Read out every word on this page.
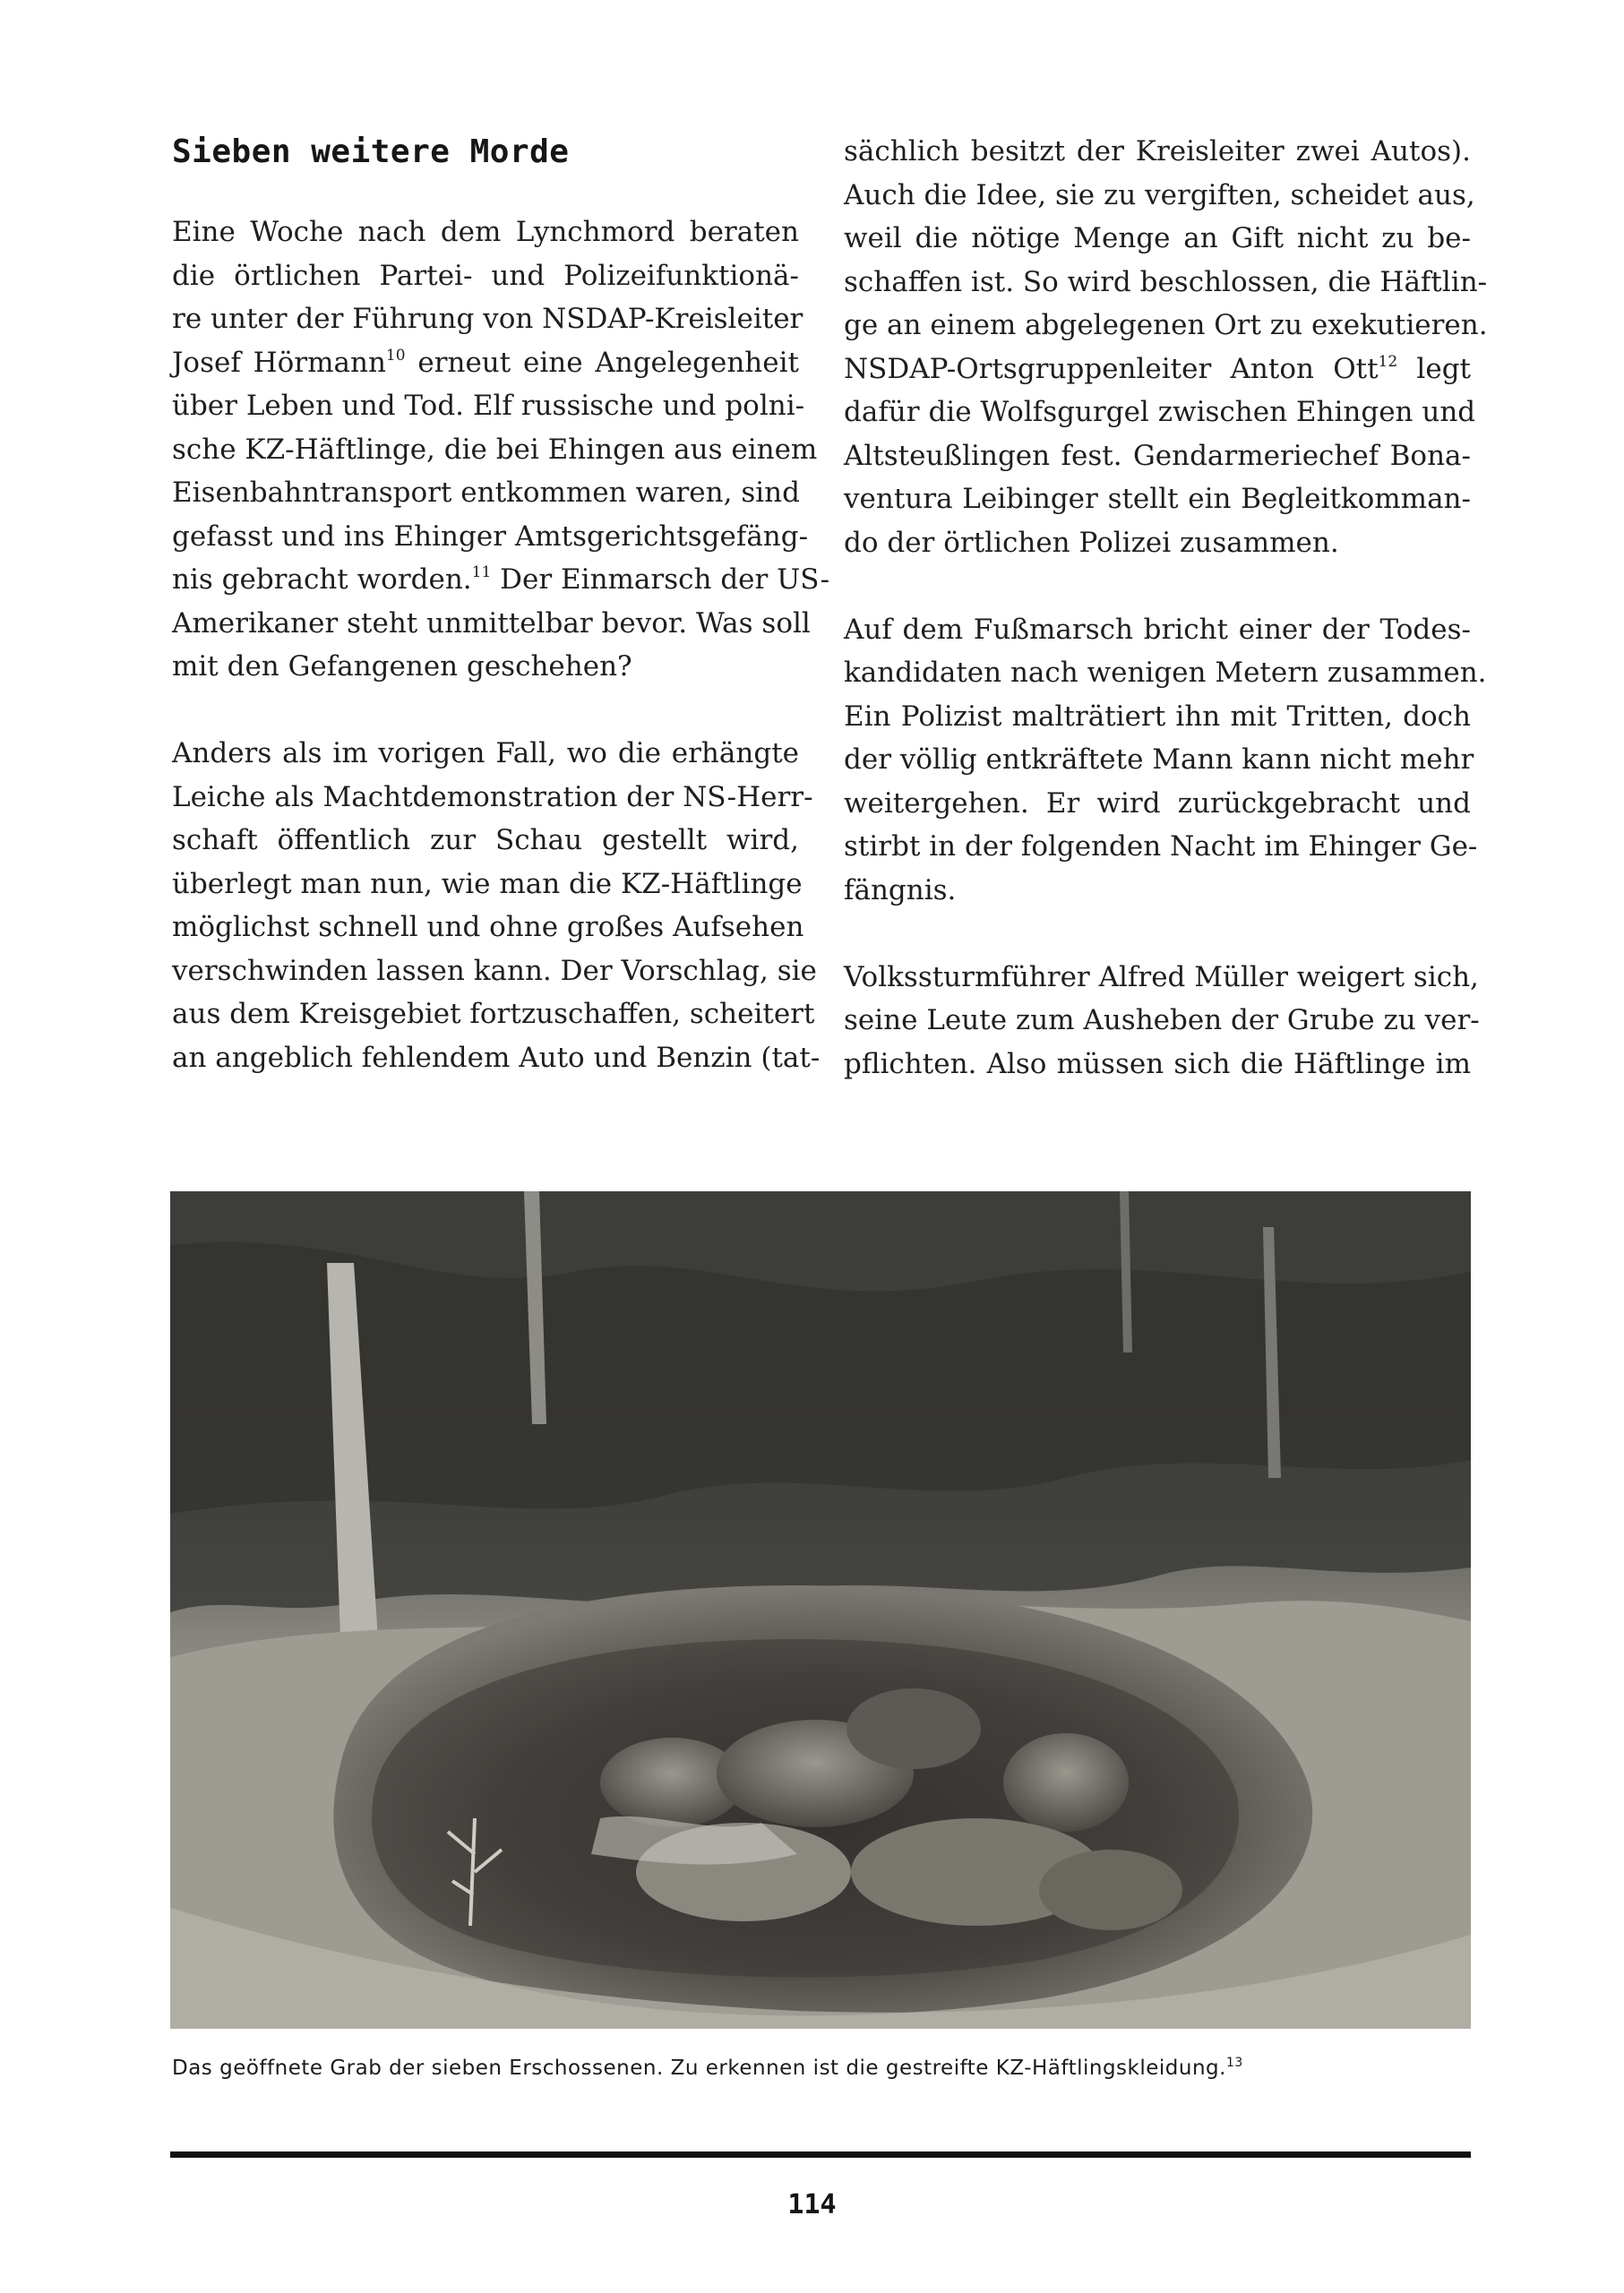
Sieben weitere Morde
Eine Woche nach dem Lynchmord beraten
die örtlichen Partei- und Polizeifunktionä-
re unter der Führung von NSDAP-Kreisleiter
Josef Hörmann$^{10}$ erneut eine Angelegenheit
über Leben und Tod. Elf russische und polni-
sche KZ-Häftlinge, die bei Ehingen aus einem
Eisenbahntransport entkommen waren, sind
gefasst und ins Ehinger Amtsgerichtsgefäng-
nis gebracht worden.$^{11}$ Der Einmarsch der US-
Amerikaner steht unmittelbar bevor. Was soll
mit den Gefangenen geschehen?
Anders als im vorigen Fall, wo die erhängte
Leiche als Machtdemonstration der NS-Herr-
schaft öffentlich zur Schau gestellt wird,
überlegt man nun, wie man die KZ-Häftlinge
möglichst schnell und ohne großes Aufsehen
verschwinden lassen kann. Der Vorschlag, sie
aus dem Kreisgebiet fortzuschaffen, scheitert
an angeblich fehlendem Auto und Benzin (tat-
sächlich besitzt der Kreisleiter zwei Autos).
Auch die Idee, sie zu vergiften, scheidet aus,
weil die nötige Menge an Gift nicht zu be-
schaffen ist. So wird beschlossen, die Häftlin-
ge an einem abgelegenen Ort zu exekutieren.
NSDAP-Ortsgruppenleiter Anton Ott$^{12}$ legt
dafür die Wolfsgurgel zwischen Ehingen und
Altsteußlingen fest. Gendarmeriechef Bona-
ventura Leibinger stellt ein Begleitkomman-
do der örtlichen Polizei zusammen.
Auf dem Fußmarsch bricht einer der Todes-
kandidaten nach wenigen Metern zusammen.
Ein Polizist malträtiert ihn mit Tritten, doch
der völlig entkräftete Mann kann nicht mehr
weitergehen. Er wird zurückgebracht und
stirbt in der folgenden Nacht im Ehinger Ge-
fängnis.
Volkssturmführer Alfred Müller weigert sich,
seine Leute zum Ausheben der Grube zu ver-
pflichten. Also müssen sich die Häftlinge im
Das geöffnete Grab der sieben Erschossenen. Zu erkennen ist die gestreifte KZ-Häftlingskleidung.$^{13}$
114
